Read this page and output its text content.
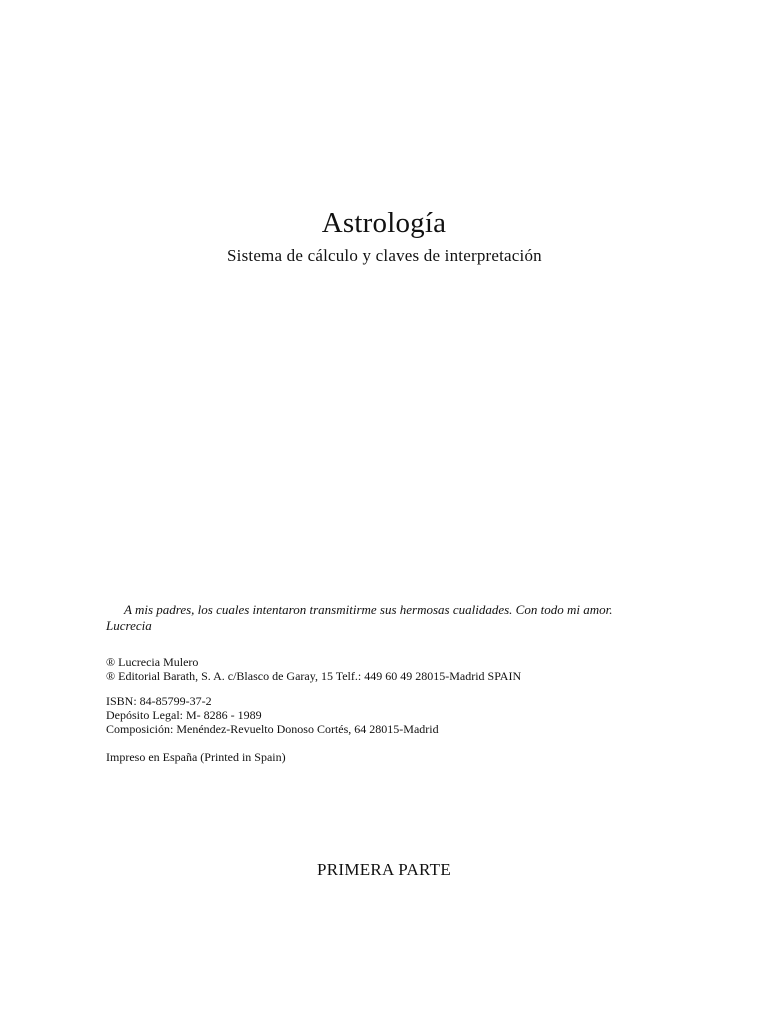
Astrología

Sistema de cálculo y claves de interpretación

A mis padres, los cuales intentaron transmitirme sus hermosas cualidades. Con todo mi amor.
Lucrecia
® Lucrecia Mulero
® Editorial Barath, S. A. c/Blasco de Garay, 15 Telf.: 449 60 49 28015-Madrid SPAIN
ISBN: 84-85799-37-2
Depósito Legal: M- 8286 - 1989
Composición: Menéndez-Revuelto Donoso Cortés, 64 28015-Madrid
Impreso en España (Printed in Spain)
PRIMERA PARTE
